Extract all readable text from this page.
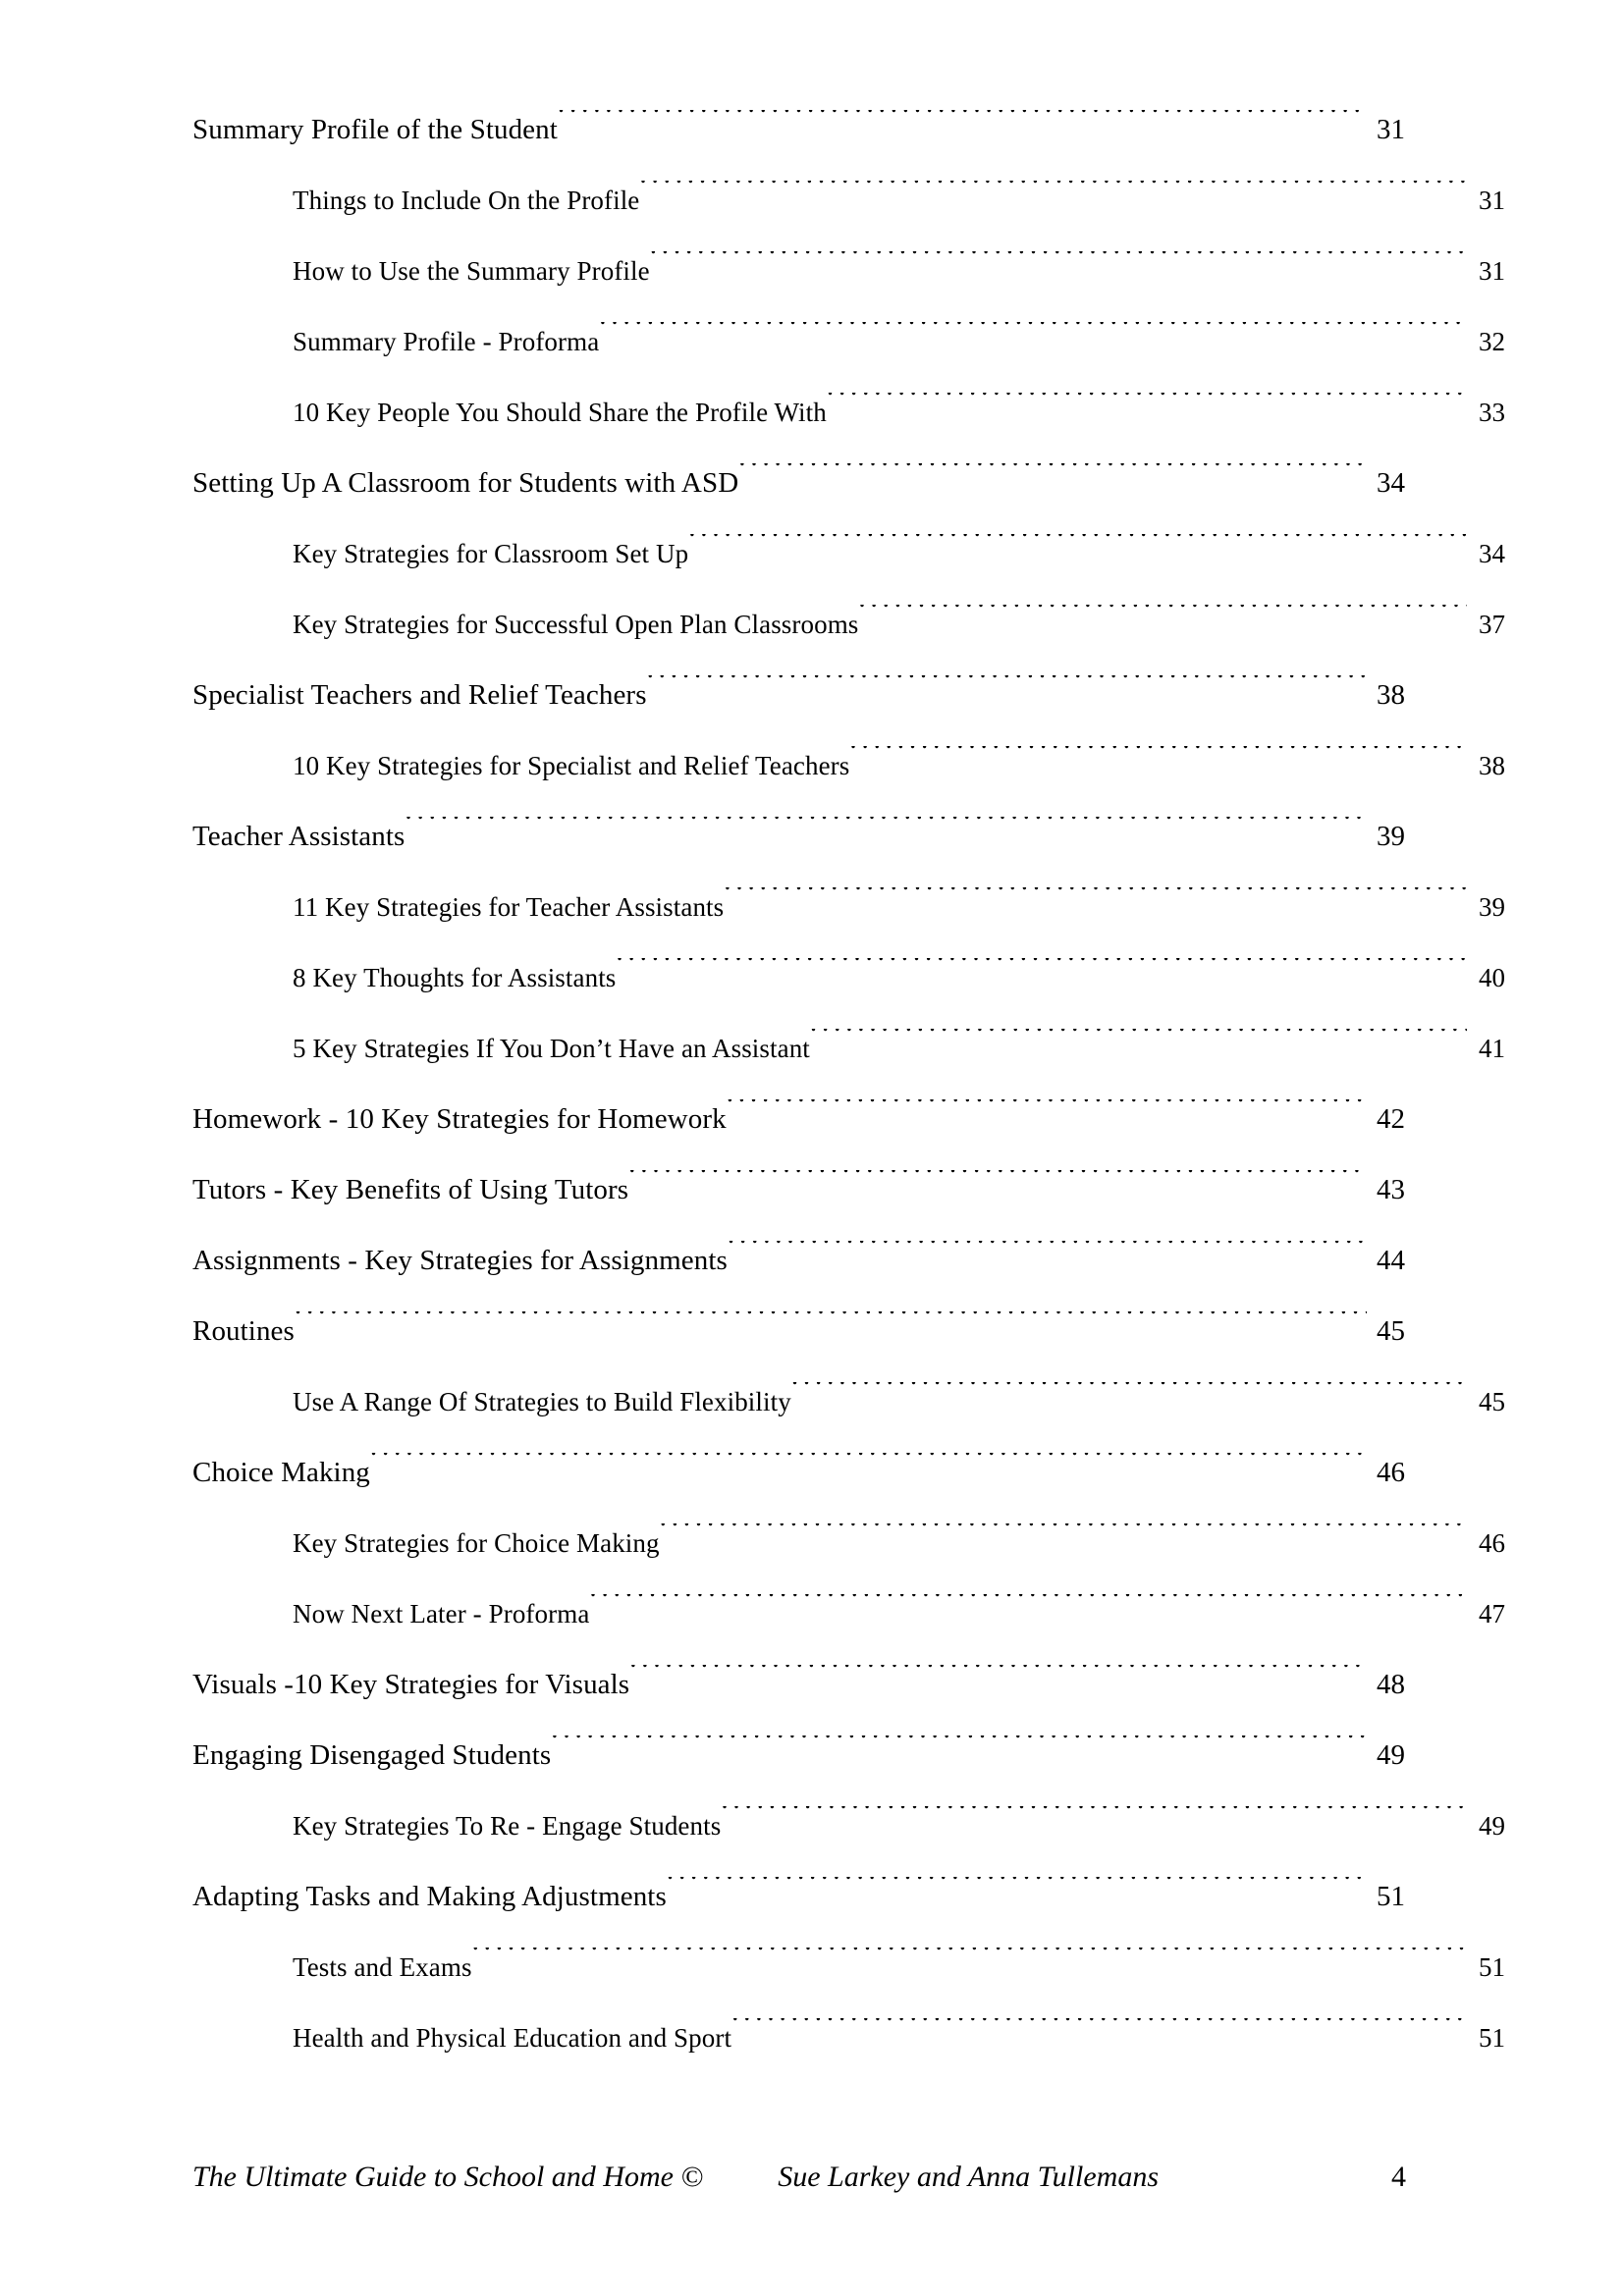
Summary Profile of the Student . . .	31
Things to Include On the Profile . . .	31
How to Use the Summary Profile . . .	31
Summary Profile - Proforma . . .	32
10 Key People You Should Share the Profile With . . .	33
Setting Up A Classroom for Students with ASD . . .	34
Key Strategies for Classroom Set Up . . .	34
Key Strategies for Successful Open Plan Classrooms . . .	37
Specialist Teachers and Relief Teachers . . .	38
10 Key Strategies for Specialist and Relief Teachers . . .	38
Teacher Assistants . . .	39
11 Key Strategies for Teacher Assistants . . .	39
8 Key Thoughts for Assistants . . .	40
5 Key Strategies If You Don’t Have an Assistant . . .	41
Homework - 10 Key Strategies for Homework . . .	42
Tutors - Key Benefits of Using Tutors . . .	43
Assignments - Key Strategies for Assignments . . .	44
Routines . . .	45
Use A Range Of Strategies to Build Flexibility . . .	45
Choice Making . . .	46
Key Strategies for Choice Making . . .	46
Now Next Later - Proforma . . .	47
Visuals -10 Key Strategies for Visuals . . .	48
Engaging Disengaged Students . . .	49
Key Strategies To Re - Engage Students . . .	49
Adapting Tasks and Making Adjustments . . .	51
Tests and Exams . . .	51
Health and Physical Education and Sport . . .	51
The Ultimate Guide to School and Home ©	Sue Larkey and Anna Tullemans	4
